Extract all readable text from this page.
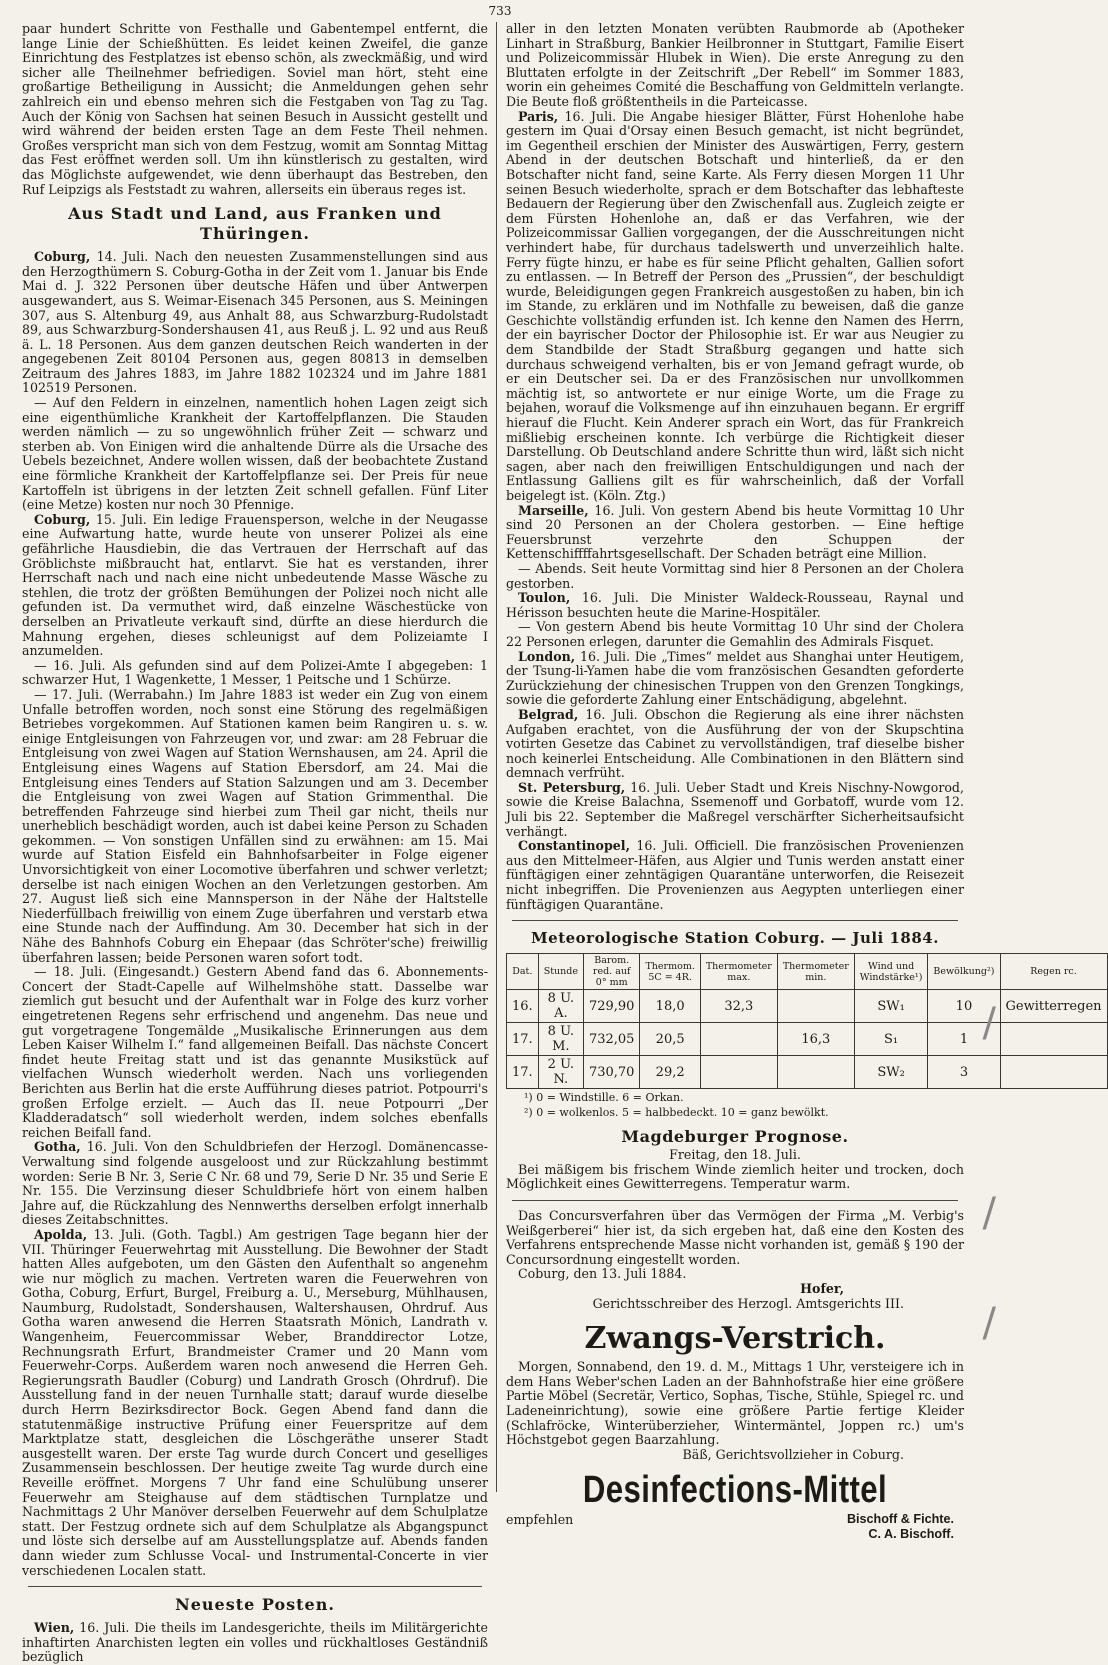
733

paar hundert Schritte von Festhalle und Gabentempel entfernt, die lange Linie der Schießhütten. Es leidet keinen Zweifel, die ganze Einrichtung des Festplatzes ist ebenso schön, als zweckmäßig, und wird sicher alle Theilnehmer befriedigen. Soviel man hört, steht eine großartige Betheiligung in Aussicht; die Anmeldungen gehen sehr zahlreich ein und ebenso mehren sich die Festgaben von Tag zu Tag. Auch der König von Sachsen hat seinen Besuch in Aussicht gestellt und wird während der beiden ersten Tage an dem Feste Theil nehmen. Großes verspricht man sich von dem Festzug, womit am Sonntag Mittag das Fest eröffnet werden soll. Um ihn künstlerisch zu gestalten, wird das Möglichste aufgewendet, wie denn überhaupt das Bestreben, den Ruf Leipzigs als Feststadt zu wahren, allerseits ein überaus reges ist.

Aus Stadt und Land, aus Franken und Thüringen.

Coburg, 14. Juli. Nach den neuesten Zusammenstellungen sind aus den Herzogthümern S. Coburg-Gotha in der Zeit vom 1. Januar bis Ende Mai d. J. 322 Personen über deutsche Häfen und über Antwerpen ausgewandert, aus S. Weimar-Eisenach 345 Personen, aus S. Meiningen 307, aus S. Altenburg 49, aus Anhalt 88, aus Schwarzburg-Rudolstadt 89, aus Schwarzburg-Sondershausen 41, aus Reuß j. L. 92 und aus Reuß ä. L. 18 Personen. Aus dem ganzen deutschen Reich wanderten in der angegebenen Zeit 80104 Personen aus, gegen 80813 in demselben Zeitraum des Jahres 1883, im Jahre 1882 102324 und im Jahre 1881 102519 Personen.

— Auf den Feldern in einzelnen, namentlich hohen Lagen zeigt sich eine eigenthümliche Krankheit der Kartoffelpflanzen. Die Stauden werden nämlich — zu so ungewöhnlich früher Zeit — schwarz und sterben ab. Von Einigen wird die anhaltende Dürre als die Ursache des Uebels bezeichnet, Andere wollen wissen, daß der beobachtete Zustand eine förmliche Krankheit der Kartoffelpflanze sei. Der Preis für neue Kartoffeln ist übrigens in der letzten Zeit schnell gefallen. Fünf Liter (eine Metze) kosten nur noch 30 Pfennige.

Coburg, 15. Juli. Ein ledige Frauensperson, welche in der Neugasse eine Aufwartung hatte, wurde heute von unserer Polizei als eine gefährliche Hausdiebin, die das Vertrauen der Herrschaft auf das Gröblichste mißbraucht hat, entlarvt. Sie hat es verstanden, ihrer Herrschaft nach und nach eine nicht unbedeutende Masse Wäsche zu stehlen, die trotz der größten Bemühungen der Polizei noch nicht alle gefunden ist. Da vermuthet wird, daß einzelne Wäschestücke von derselben an Privatleute verkauft sind, dürfte an diese hierdurch die Mahnung ergehen, dieses schleunigst auf dem Polizeiamte I anzumelden.

— 16. Juli. Als gefunden sind auf dem Polizei-Amte I abgegeben: 1 schwarzer Hut, 1 Wagenkette, 1 Messer, 1 Peitsche und 1 Schürze.

— 17. Juli. (Werrabahn.) Im Jahre 1883 ist weder ein Zug von einem Unfalle betroffen worden, noch sonst eine Störung des regelmäßigen Betriebes vorgekommen. Auf Stationen kamen beim Rangiren u. s. w. einige Entgleisungen von Fahrzeugen vor, und zwar: am 28 Februar die Entgleisung von zwei Wagen auf Station Wernshausen, am 24. April die Entgleisung eines Wagens auf Station Ebersdorf, am 24. Mai die Entgleisung eines Tenders auf Station Salzungen und am 3. December die Entgleisung von zwei Wagen auf Station Grimmenthal. Die betreffenden Fahrzeuge sind hierbei zum Theil gar nicht, theils nur unerheblich beschädigt worden, auch ist dabei keine Person zu Schaden gekommen. — Von sonstigen Unfällen sind zu erwähnen: am 15. Mai wurde auf Station Eisfeld ein Bahnhofsarbeiter in Folge eigener Unvorsichtigkeit von einer Locomotive überfahren und schwer verletzt; derselbe ist nach einigen Wochen an den Verletzungen gestorben. Am 27. August ließ sich eine Mannsperson in der Nähe der Haltstelle Niederfüllbach freiwillig von einem Zuge überfahren und verstarb etwa eine Stunde nach der Auffindung. Am 30. December hat sich in der Nähe des Bahnhofs Coburg ein Ehepaar (das Schröter'sche) freiwillig überfahren lassen; beide Personen waren sofort todt.

— 18. Juli. (Eingesandt.) Gestern Abend fand das 6. Abonnements-Concert der Stadt-Capelle auf Wilhelmshöhe statt. Dasselbe war ziemlich gut besucht und der Aufenthalt war in Folge des kurz vorher eingetretenen Regens sehr erfrischend und angenehm. Das neue und gut vorgetragene Tongemälde „Musikalische Erinnerungen aus dem Leben Kaiser Wilhelm I.“ fand allgemeinen Beifall. Das nächste Concert findet heute Freitag statt und ist das genannte Musikstück auf vielfachen Wunsch wiederholt werden. Nach uns vorliegenden Berichten aus Berlin hat die erste Aufführung dieses patriot. Potpourri's großen Erfolge erzielt. — Auch das II. neue Potpourri „Der Kladderadatsch“ soll wiederholt werden, indem solches ebenfalls reichen Beifall fand.

Gotha, 16. Juli. Von den Schuldbriefen der Herzogl. Domänencasse-Verwaltung sind folgende ausgeloost und zur Rückzahlung bestimmt worden: Serie B Nr. 3, Serie C Nr. 68 und 79, Serie D Nr. 35 und Serie E Nr. 155. Die Verzinsung dieser Schuldbriefe hört von einem halben Jahre auf, die Rückzahlung des Nennwerths derselben erfolgt innerhalb dieses Zeitabschnittes.

Apolda, 13. Juli. (Goth. Tagbl.) Am gestrigen Tage begann hier der VII. Thüringer Feuerwehrtag mit Ausstellung. Die Bewohner der Stadt hatten Alles aufgeboten, um den Gästen den Aufenthalt so angenehm wie nur möglich zu machen. Vertreten waren die Feuerwehren von Gotha, Coburg, Erfurt, Burgel, Freiburg a. U., Merseburg, Mühlhausen, Naumburg, Rudolstadt, Sondershausen, Waltershausen, Ohrdruf. Aus Gotha waren anwesend die Herren Staatsrath Mönich, Landrath v. Wangenheim, Feuercommissar Weber, Branddirector Lotze, Rechnungsrath Erfurt, Brandmeister Cramer und 20 Mann vom Feuerwehr-Corps. Außerdem waren noch anwesend die Herren Geh. Regierungsrath Baudler (Coburg) und Landrath Grosch (Ohrdruf). Die Ausstellung fand in der neuen Turnhalle statt; darauf wurde dieselbe durch Herrn Bezirksdirector Bock. Gegen Abend fand dann die statutenmäßige instructive Prüfung einer Feuerspritze auf dem Marktplatze statt, desgleichen die Löschgeräthe unserer Stadt ausgestellt waren. Der erste Tag wurde durch Concert und geselliges Zusammensein beschlossen. Der heutige zweite Tag wurde durch eine Reveille eröffnet. Morgens 7 Uhr fand eine Schulübung unserer Feuerwehr am Steighause auf dem städtischen Turnplatze und Nachmittags 2 Uhr Manöver derselben Feuerwehr auf dem Schulplatze statt. Der Festzug ordnete sich auf dem Schulplatze als Abgangspunct und löste sich derselbe auf am Ausstellungsplatze auf. Abends fanden dann wieder zum Schlusse Vocal- und Instrumental-Concerte in vier verschiedenen Localen statt.

Neueste Posten.

Wien, 16. Juli. Die theils im Landesgerichte, theils im Militärgerichte inhaftirten Anarchisten legten ein volles und rückhaltloses Geständniß bezüglich

aller in den letzten Monaten verübten Raubmorde ab (Apotheker Linhart in Straßburg, Bankier Heilbronner in Stuttgart, Familie Eisert und Polizeicommissär Hlubek in Wien). Die erste Anregung zu den Bluttaten erfolgte in der Zeitschrift „Der Rebell“ im Sommer 1883, worin ein geheimes Comité die Beschaffung von Geldmitteln verlangte. Die Beute floß größtentheils in die Parteicasse.

Paris, 16. Juli. Die Angabe hiesiger Blätter, Fürst Hohenlohe habe gestern im Quai d'Orsay einen Besuch gemacht, ist nicht begründet, im Gegentheil erschien der Minister des Auswärtigen, Ferry, gestern Abend in der deutschen Botschaft und hinterließ, da er den Botschafter nicht fand, seine Karte. Als Ferry diesen Morgen 11 Uhr seinen Besuch wiederholte, sprach er dem Botschafter das lebhafteste Bedauern der Regierung über den Zwischenfall aus. Zugleich zeigte er dem Fürsten Hohenlohe an, daß er das Verfahren, wie der Polizeicommissar Gallien vorgegangen, der die Ausschreitungen nicht verhindert habe, für durchaus tadelswerth und unverzeihlich halte. Ferry fügte hinzu, er habe es für seine Pflicht gehalten, Gallien sofort zu entlassen. — In Betreff der Person des „Prussien“, der beschuldigt wurde, Beleidigungen gegen Frankreich ausgestoßen zu haben, bin ich im Stande, zu erklären und im Nothfalle zu beweisen, daß die ganze Geschichte vollständig erfunden ist. Ich kenne den Namen des Herrn, der ein bayrischer Doctor der Philosophie ist. Er war aus Neugier zu dem Standbilde der Stadt Straßburg gegangen und hatte sich durchaus schweigend verhalten, bis er von Jemand gefragt wurde, ob er ein Deutscher sei. Da er des Französischen nur unvollkommen mächtig ist, so antwortete er nur einige Worte, um die Frage zu bejahen, worauf die Volksmenge auf ihn einzuhauen begann. Er ergriff hierauf die Flucht. Kein Anderer sprach ein Wort, das für Frankreich mißliebig erscheinen konnte. Ich verbürge die Richtigkeit dieser Darstellung. Ob Deutschland andere Schritte thun wird, läßt sich nicht sagen, aber nach den freiwilligen Entschuldigungen und nach der Entlassung Galliens gilt es für wahrscheinlich, daß der Vorfall beigelegt ist. (Köln. Ztg.)

Marseille, 16. Juli. Von gestern Abend bis heute Vormittag 10 Uhr sind 20 Personen an der Cholera gestorben. — Eine heftige Feuersbrunst verzehrte den Schuppen der Kettenschiffffahrtsgesellschaft. Der Schaden beträgt eine Million.

— Abends. Seit heute Vormittag sind hier 8 Personen an der Cholera gestorben.

Toulon, 16. Juli. Die Minister Waldeck-Rousseau, Raynal und Hérisson besuchten heute die Marine-Hospitäler.

— Von gestern Abend bis heute Vormittag 10 Uhr sind der Cholera 22 Personen erlegen, darunter die Gemahlin des Admirals Fisquet.

London, 16. Juli. Die „Times“ meldet aus Shanghai unter Heutigem, der Tsung-li-Yamen habe die vom französischen Gesandten geforderte Zurückziehung der chinesischen Truppen von den Grenzen Tongkings, sowie die geforderte Zahlung einer Entschädigung, abgelehnt.

Belgrad, 16. Juli. Obschon die Regierung als eine ihrer nächsten Aufgaben erachtet, von die Ausführung der von der Skupschtina votirten Gesetze das Cabinet zu vervollständigen, traf dieselbe bisher noch keinerlei Entscheidung. Alle Combinationen in den Blättern sind demnach verfrüht.

St. Petersburg, 16. Juli. Ueber Stadt und Kreis Nischny-Nowgorod, sowie die Kreise Balachna, Ssemenoff und Gorbatoff, wurde vom 12. Juli bis 22. September die Maßregel verschärfter Sicherheitsaufsicht verhängt.

Constantinopel, 16. Juli. Officiell. Die französischen Provenienzen aus den Mittelmeer-Häfen, aus Algier und Tunis werden anstatt einer fünftägigen einer zehntägigen Quarantäne unterworfen, die Reisezeit nicht inbegriffen. Die Provenienzen aus Aegypten unterliegen einer fünftägigen Quarantäne.

Meteorologische Station Coburg. — Juli 1884.
Dat.	Stunde	Barom. red. auf 0° mm	Thermom. 5C = 4R.	Thermometer max.	Thermometer min.	Wind und Windstärke¹)	Bewölkung²)	Regen rc.
16.	8 U. A.	729,90	18,0	32,3		SW₁	10	Gewitterregen
17.	8 U. M.	732,05	20,5		16,3	S₁	1	
17.	2 U. N.	730,70	29,2			SW₂	3	
¹) 0 = Windstille. 6 = Orkan.
²) 0 = wolkenlos. 5 = halbbedeckt. 10 = ganz bewölkt.
Magdeburger Prognose.

Freitag, den 18. Juli.

Bei mäßigem bis frischem Winde ziemlich heiter und trocken, doch Möglichkeit eines Gewitterregens. Temperatur warm.

Das Concursverfahren über das Vermögen der Firma „M. Verbig's Weißgerberei“ hier ist, da sich ergeben hat, daß eine den Kosten des Verfahrens entsprechende Masse nicht vorhanden ist, gemäß § 190 der Concursordnung eingestellt worden.

Coburg, den 13. Juli 1884.

Hofer,

Gerichtsschreiber des Herzogl. Amtsgerichts III.

Zwangs-Verstrich.

Morgen, Sonnabend, den 19. d. M., Mittags 1 Uhr, versteigere ich in dem Hans Weber'schen Laden an der Bahnhofstraße hier eine größere Partie Möbel (Secretär, Vertico, Sophas, Tische, Stühle, Spiegel rc. und Ladeneinrichtung), sowie eine größere Partie fertige Kleider (Schlafröcke, Winterüberzieher, Wintermäntel, Joppen rc.) um's Höchstgebot gegen Baarzahlung.

Bäß, Gerichtsvollzieher in Coburg.

Desinfections-Mittel
empfehlen	Bischoff & Fichte.
C. A. Bischoff.
/
/
/
